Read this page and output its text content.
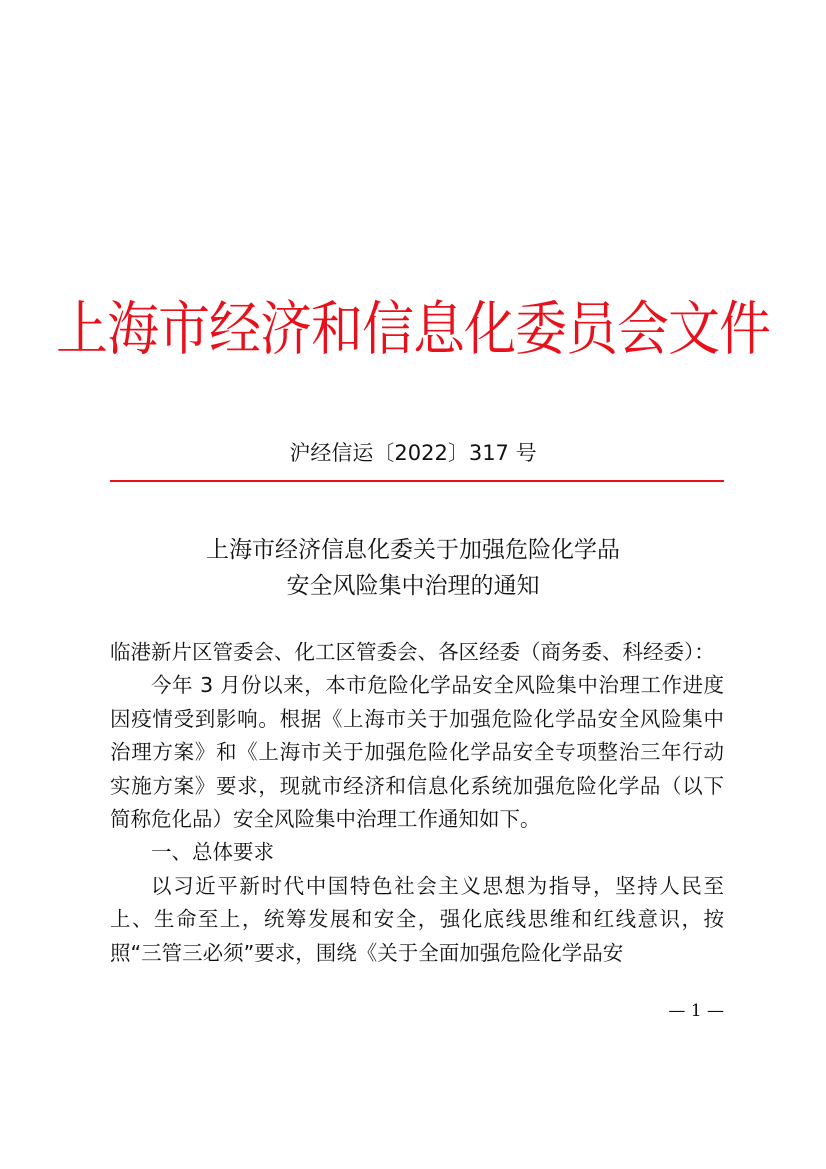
上海市经济和信息化委员会文件
沪经信运〔2022〕317 号
上海市经济信息化委关于加强危险化学品
安全风险集中治理的通知

临港新片区管委会、化工区管委会、各区经委（商务委、科经委）：

今年 3 月份以来，本市危险化学品安全风险集中治理工作进度因疫情受到影响。根据《上海市关于加强危险化学品安全风险集中治理方案》和《上海市关于加强危险化学品安全专项整治三年行动实施方案》要求，现就市经济和信息化系统加强危险化学品（以下简称危化品）安全风险集中治理工作通知如下。

一、总体要求

以习近平新时代中国特色社会主义思想为指导，坚持人民至上、生命至上，统筹发展和安全，强化底线思维和红线意识，按照“三管三必须”要求，围绕《关于全面加强危险化学品安

— 1 —
